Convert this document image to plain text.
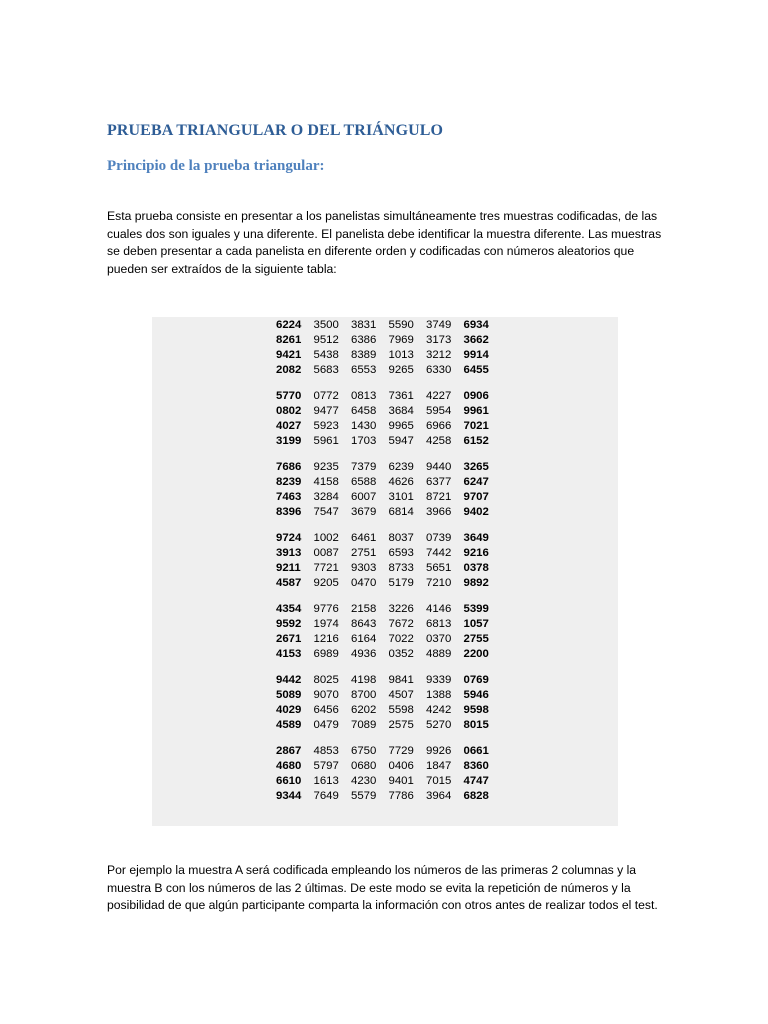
PRUEBA TRIANGULAR O DEL TRIÁNGULO
Principio de la prueba triangular:

Esta prueba consiste en presentar a los panelistas simultáneamente tres muestras codificadas, de las cuales dos son iguales y una diferente. El panelista debe identificar la muestra diferente. Las muestras se deben presentar a cada panelista en diferente orden y codificadas con números aleatorios que pueden ser extraídos de la siguiente tabla:

6224	3500	3831	5590	3749	6934
8261	9512	6386	7969	3173	3662
9421	5438	8389	1013	3212	9914
2082	5683	6553	9265	6330	6455
5770	0772	0813	7361	4227	0906
0802	9477	6458	3684	5954	9961
4027	5923	1430	9965	6966	7021
3199	5961	1703	5947	4258	6152
7686	9235	7379	6239	9440	3265
8239	4158	6588	4626	6377	6247
7463	3284	6007	3101	8721	9707
8396	7547	3679	6814	3966	9402
9724	1002	6461	8037	0739	3649
3913	0087	2751	6593	7442	9216
9211	7721	9303	8733	5651	0378
4587	9205	0470	5179	7210	9892
4354	9776	2158	3226	4146	5399
9592	1974	8643	7672	6813	1057
2671	1216	6164	7022	0370	2755
4153	6989	4936	0352	4889	2200
9442	8025	4198	9841	9339	0769
5089	9070	8700	4507	1388	5946
4029	6456	6202	5598	4242	9598
4589	0479	7089	2575	5270	8015
2867	4853	6750	7729	9926	0661
4680	5797	0680	0406	1847	8360
6610	1613	4230	9401	7015	4747
9344	7649	5579	7786	3964	6828

Por ejemplo la muestra A será codificada empleando los números de las primeras 2 columnas y la muestra B con los números de las 2 últimas. De este modo se evita la repetición de números y la posibilidad de que algún participante comparta la información con otros antes de realizar todos el test.
